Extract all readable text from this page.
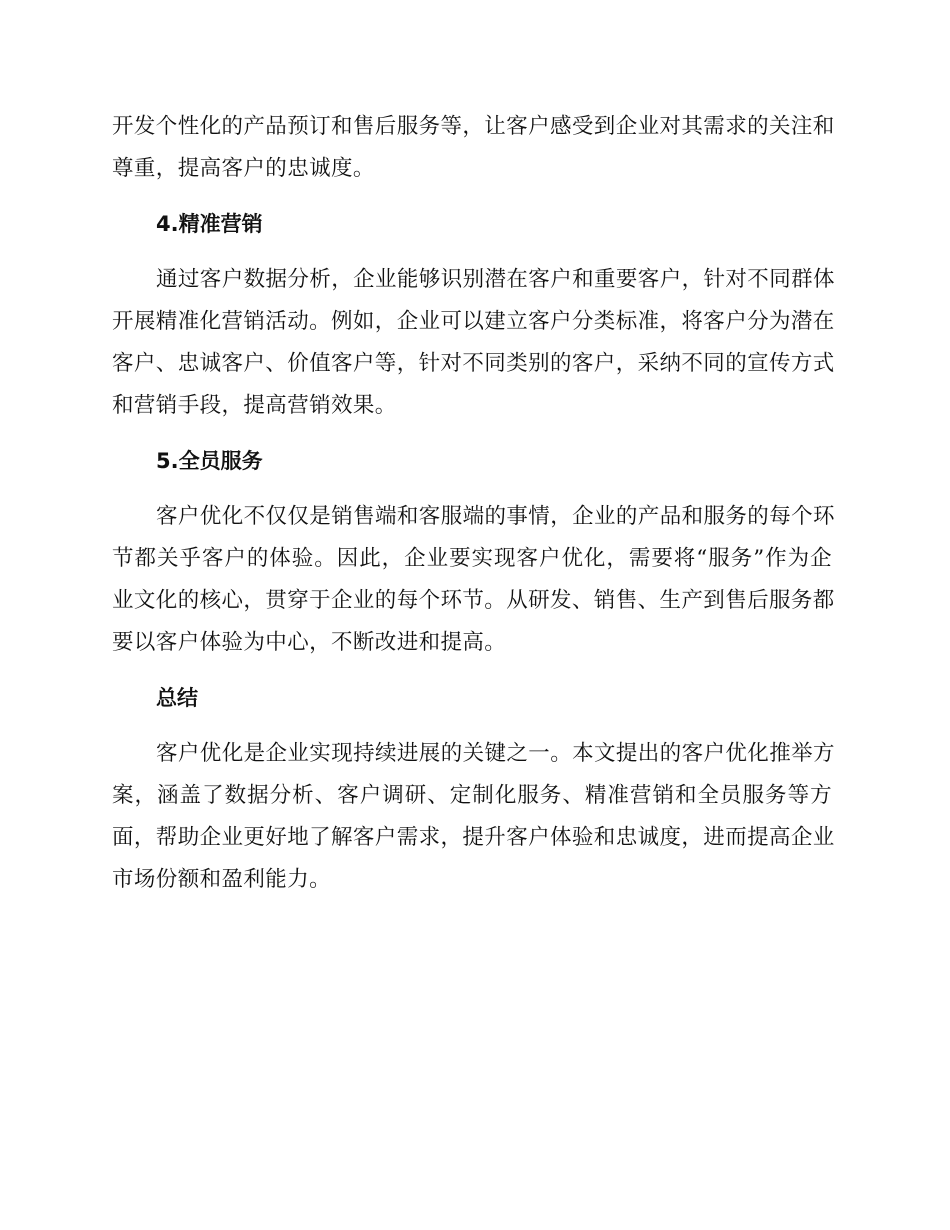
开发个性化的产品预订和售后服务等，让客户感受到企业对其需求的关注和
尊重，提高客户的忠诚度。
4.精准营销
通过客户数据分析，企业能够识别潜在客户和重要客户，针对不同群体
开展精准化营销活动。例如，企业可以建立客户分类标准，将客户分为潜在
客户、忠诚客户、价值客户等，针对不同类别的客户，采纳不同的宣传方式
和营销手段，提高营销效果。
5.全员服务
客户优化不仅仅是销售端和客服端的事情，企业的产品和服务的每个环
节都关乎客户的体验。因此，企业要实现客户优化，需要将“服务”作为企
业文化的核心，贯穿于企业的每个环节。从研发、销售、生产到售后服务都
要以客户体验为中心，不断改进和提高。
总结
客户优化是企业实现持续进展的关键之一。本文提出的客户优化推举方
案，涵盖了数据分析、客户调研、定制化服务、精准营销和全员服务等方
面，帮助企业更好地了解客户需求，提升客户体验和忠诚度，进而提高企业
市场份额和盈利能力。
